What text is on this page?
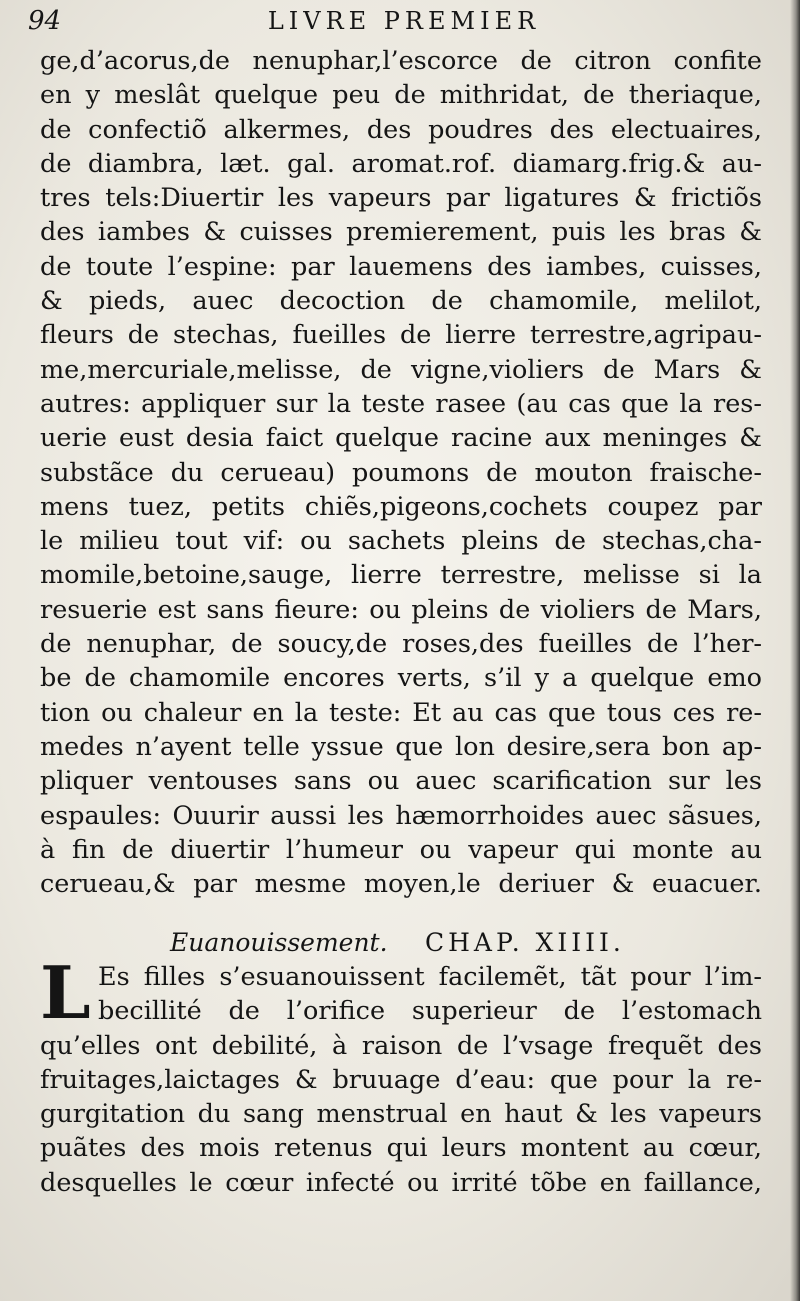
94	LIVRE PREMIER
ge,d’acorus,de nenuphar,l’escorce de citron confite
en y meslât quelque peu de mithridat, de theriaque,
de confectiõ alkermes, des poudres des electuaires,
de diambra, læt. gal. aromat.rof. diamarg.frig.& au-
tres tels:Diuertir les vapeurs par ligatures & frictiõs
des iambes & cuisses premierement, puis les bras &
de toute l’espine: par lauemens des iambes, cuisses,
& pieds, auec decoction de chamomile, melilot,
fleurs de stechas, fueilles de lierre terrestre,agripau-
me,mercuriale,melisse, de vigne,violiers de Mars &
autres: appliquer sur la teste rasee (au cas que la res-
uerie eust desia faict quelque racine aux meninges &
substãce du cerueau) poumons de mouton fraische-
mens tuez, petits chiẽs,pigeons,cochets coupez par
le milieu tout vif: ou sachets pleins de stechas,cha-
momile,betoine,sauge, lierre terrestre, melisse si la
resuerie est sans fieure: ou pleins de violiers de Mars,
de nenuphar, de soucy,de roses,des fueilles de l’her-
be de chamomile encores verts, s’il y a quelque emo
tion ou chaleur en la teste: Et au cas que tous ces re-
medes n’ayent telle yssue que lon desire,sera bon ap-
pliquer ventouses sans ou auec scarification sur les
espaules: Ouurir aussi les hæmorrhoides auec sãsues,
à fin de diuertir l’humeur ou vapeur qui monte au
cerueau,& par mesme moyen,le deriuer & euacuer.
Euanouissement. CHAP. XIIII.
L Es filles s’esuanouissent facilemẽt, tãt pour l’im-
becillité de l’orifice superieur de l’estomach
qu’elles ont debilité, à raison de l’vsage frequẽt des
fruitages,laictages & bruuage d’eau: que pour la re-
gurgitation du sang menstrual en haut & les vapeurs
puãtes des mois retenus qui leurs montent au cœur,
desquelles le cœur infecté ou irrité tõbe en faillance,
